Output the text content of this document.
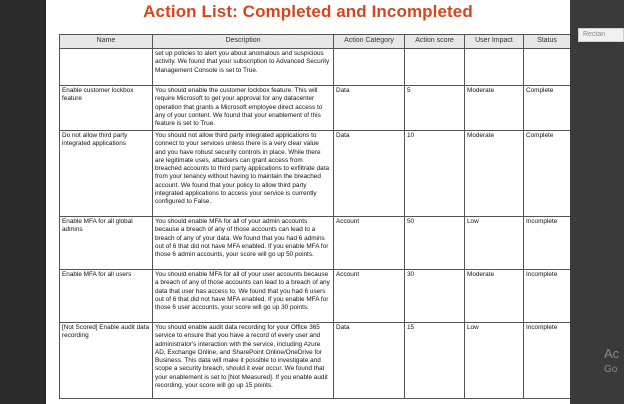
Action List: Completed and Incompleted
Name	Description	Action Category	Action score	User Impact	Status
	set up policies to alert you about anomalous and suspicious activity. We found that your subscription to Advanced Security Management Console is set to True.				
Enable customer lockbox feature	You should enable the customer lockbox feature. This will require Microsoft to get your approval for any datacenter operation that grants a Microsoft employee direct access to any of your content. We found that your enablement of this feature is set to True.	Data	5	Moderate	Complete
Do not allow third party integrated applications	You should not allow third party integrated applications to connect to your services unless there is a very clear value and you have robust security controls in place. While there are legitimate uses, attackers can grant access from breached accounts to third party applications to exfiltrate data from your tenancy without having to maintain the breached account. We found that your policy to allow third party integrated applications to access your service is currently configured to False.	Data	10	Moderate	Complete
Enable MFA for all global admins	You should enable MFA for all of your admin accounts because a breach of any of those accounts can lead to a breach of any of your data. We found that you had 6 admins out of 6 that did not have MFA enabled. If you enable MFA for those 6 admin accounts, your score will go up 50 points.	Account	50	Low	Incomplete
Enable MFA for all users	You should enable MFA for all of your user accounts because a breach of any of those accounts can lead to a breach of any data that user has access to. We found that you had 6 users out of 6 that did not have MFA enabled. If you enable MFA for those 6 user accounts, your score will go up 30 points.	Account	30	Moderate	Incomplete
[Not Scored] Enable audit data recording	You should enable audit data recording for your Office 365 service to ensure that you have a record of every user and administrator's interaction with the service, including Azure AD, Exchange Online, and SharePoint Online/OneDrive for Business. This data will make it possible to investigate and scope a security breach, should it ever occur. We found that your enablement is set to [Not Measured]. If you enable audit recording, your score will go up 15 points.	Data	15	Low	Incomplete
Rectan
Ac
Go
